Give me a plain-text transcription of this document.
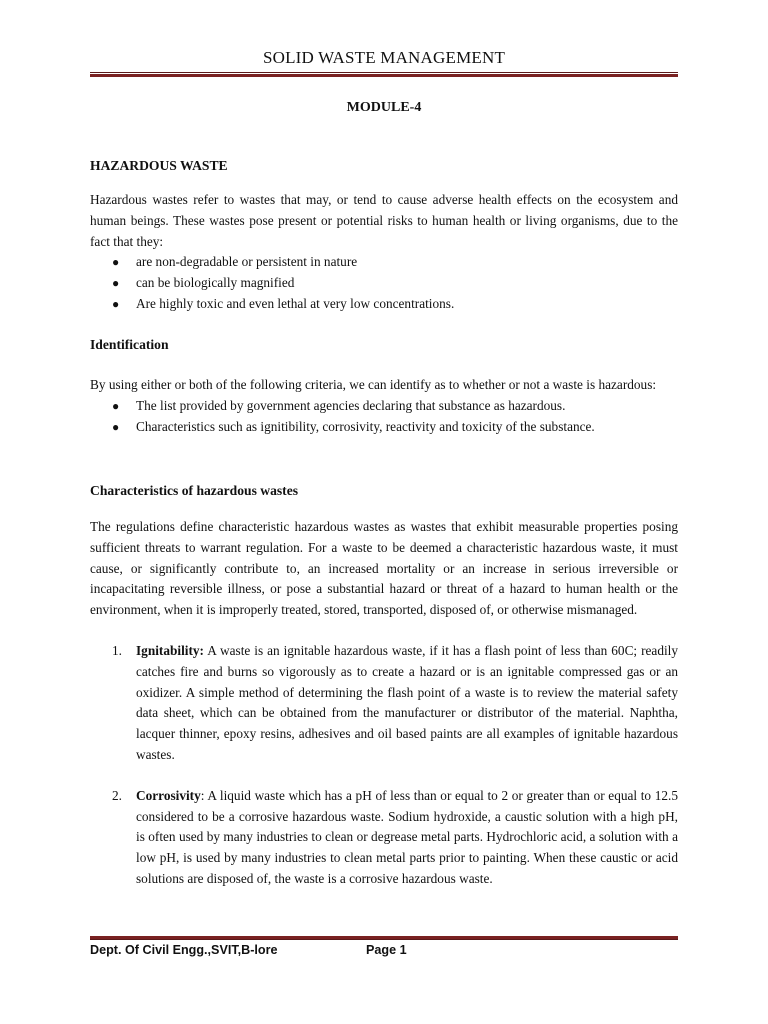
SOLID WASTE MANAGEMENT
MODULE-4
HAZARDOUS WASTE
Hazardous wastes refer to wastes that may, or tend to cause adverse health effects on the ecosystem and human beings. These wastes pose present or potential risks to human health or living organisms, due to the fact that they:
● are non-degradable or persistent in nature
● can be biologically magnified
● Are highly toxic and even lethal at very low concentrations.
Identification
By using either or both of the following criteria, we can identify as to whether or not a waste is hazardous:
● The list provided by government agencies declaring that substance as hazardous.
● Characteristics such as ignitibility, corrosivity, reactivity and toxicity of the substance.
Characteristics of hazardous wastes
The regulations define characteristic hazardous wastes as wastes that exhibit measurable properties posing sufficient threats to warrant regulation. For a waste to be deemed a characteristic hazardous waste, it must cause, or significantly contribute to, an increased mortality or an increase in serious irreversible or incapacitating reversible illness, or pose a substantial hazard or threat of a hazard to human health or the environment, when it is improperly treated, stored, transported, disposed of, or otherwise mismanaged.
1. Ignitability: A waste is an ignitable hazardous waste, if it has a flash point of less than 60C; readily catches fire and burns so vigorously as to create a hazard or is an ignitable compressed gas or an oxidizer. A simple method of determining the flash point of a waste is to review the material safety data sheet, which can be obtained from the manufacturer or distributor of the material. Naphtha, lacquer thinner, epoxy resins, adhesives and oil based paints are all examples of ignitable hazardous wastes.
2. Corrosivity: A liquid waste which has a pH of less than or equal to 2 or greater than or equal to 12.5 considered to be a corrosive hazardous waste. Sodium hydroxide, a caustic solution with a high pH, is often used by many industries to clean or degrease metal parts. Hydrochloric acid, a solution with a low pH, is used by many industries to clean metal parts prior to painting. When these caustic or acid solutions are disposed of, the waste is a corrosive hazardous waste.
Dept. Of Civil Engg.,SVIT,B-lore	Page 1
